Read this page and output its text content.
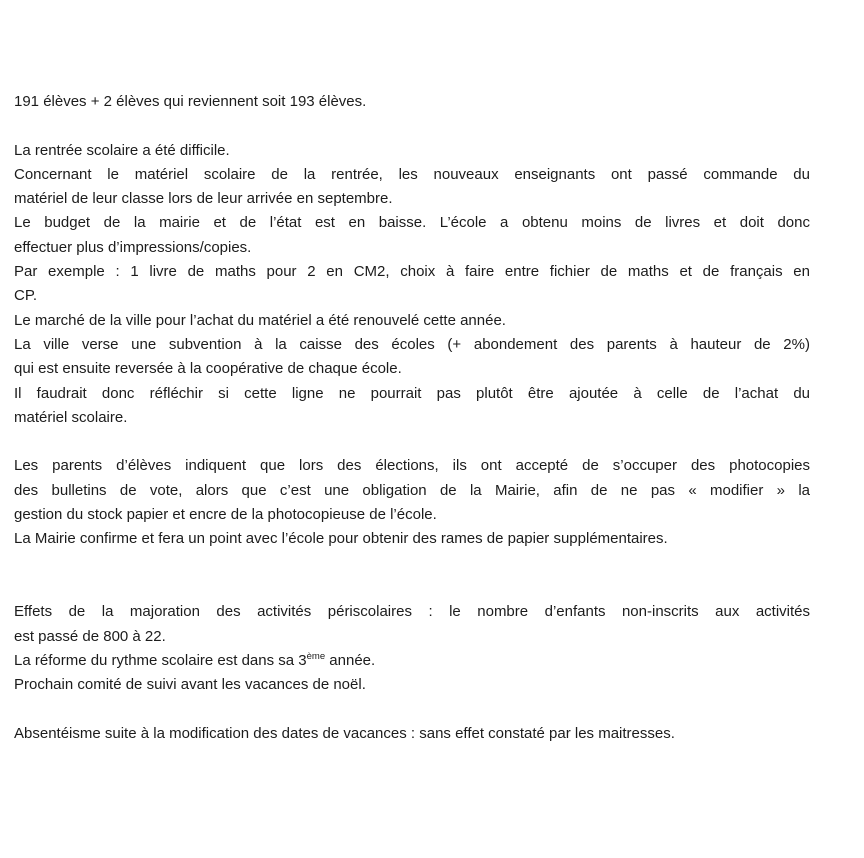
191 élèves + 2 élèves qui reviennent soit 193 élèves.
La rentrée scolaire a été difficile.
Concernant le matériel scolaire de la rentrée, les nouveaux enseignants ont passé commande du
matériel de leur classe lors de leur arrivée en septembre.
Le budget de la mairie et de l’état est en baisse. L’école a obtenu moins de livres et doit donc
effectuer plus d’impressions/copies.
Par exemple : 1 livre de maths pour 2 en CM2, choix à faire entre fichier de maths et de français en
CP.
Le marché de la ville pour l’achat du matériel a été renouvelé cette année.
La ville verse une subvention à la caisse des écoles (+ abondement des parents à hauteur de 2%)
qui est ensuite reversée à la coopérative de chaque école.
Il faudrait donc réfléchir si cette ligne ne pourrait pas plutôt être ajoutée à celle de l’achat du
matériel scolaire.
Les parents d’élèves indiquent que lors des élections, ils ont accepté de s’occuper des photocopies
des bulletins de vote, alors que c’est une obligation de la Mairie, afin de ne pas « modifier » la
gestion du stock papier et encre de la photocopieuse de l’école.
La Mairie confirme et fera un point avec l’école pour obtenir des rames de papier supplémentaires.
Effets de la majoration des activités périscolaires : le nombre d’enfants non-inscrits aux activités
est passé de 800 à 22.
La réforme du rythme scolaire est dans sa 3ème année.
Prochain comité de suivi avant les vacances de noël.
Absentéisme suite à la modification des dates de vacances : sans effet constaté par les maitresses.
